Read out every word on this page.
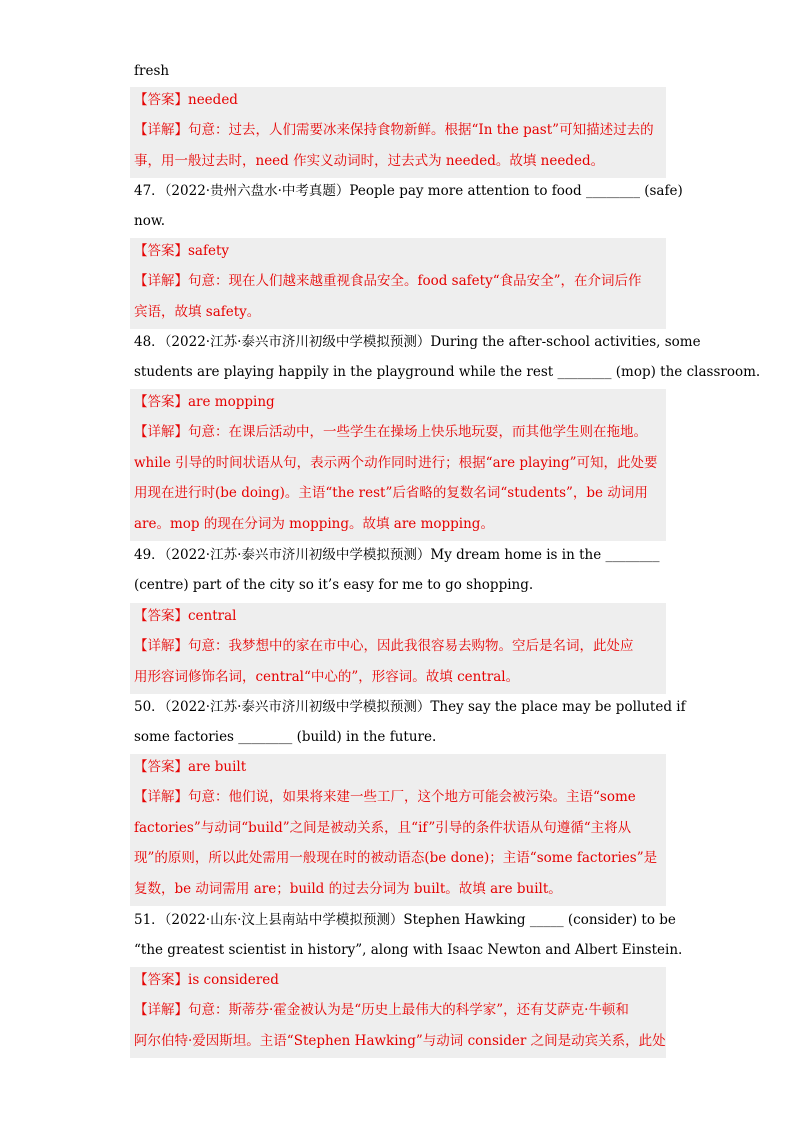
fresh
【答案】needed
【详解】句意：过去，人们需要冰来保持食物新鲜。根据“In the past”可知描述过去的
事，用一般过去时，need 作实义动词时，过去式为 needed。故填 needed。
47．（2022·贵州六盘水·中考真题）People pay more attention to food ________ (safe)
now.
【答案】safety
【详解】句意：现在人们越来越重视食品安全。food safety“食品安全”，在介词后作
宾语，故填 safety。
48．（2022·江苏·泰兴市济川初级中学模拟预测）During the after-school activities, some
students are playing happily in the playground while the rest ________ (mop) the classroom.
【答案】are mopping
【详解】句意：在课后活动中，一些学生在操场上快乐地玩耍，而其他学生则在拖地。
while 引导的时间状语从句，表示两个动作同时进行；根据“are playing”可知，此处要
用现在进行时(be doing)。主语“the rest”后省略的复数名词“students”，be 动词用
are。mop 的现在分词为 mopping。故填 are mopping。
49．（2022·江苏·泰兴市济川初级中学模拟预测）My dream home is in the ________
(centre) part of the city so it’s easy for me to go shopping.
【答案】central
【详解】句意：我梦想中的家在市中心，因此我很容易去购物。空后是名词，此处应
用形容词修饰名词，central“中心的”，形容词。故填 central。
50．（2022·江苏·泰兴市济川初级中学模拟预测）They say the place may be polluted if
some factories ________ (build) in the future.
【答案】are built
【详解】句意：他们说，如果将来建一些工厂，这个地方可能会被污染。主语“some
factories”与动词“build”之间是被动关系，且“if”引导的条件状语从句遵循“主将从
现”的原则，所以此处需用一般现在时的被动语态(be done)；主语“some factories”是
复数，be 动词需用 are；build 的过去分词为 built。故填 are built。
51．（2022·山东·汶上县南站中学模拟预测）Stephen Hawking _____ (consider) to be
“the greatest scientist in history”, along with Isaac Newton and Albert Einstein.
【答案】is considered
【详解】句意：斯蒂芬·霍金被认为是“历史上最伟大的科学家”，还有艾萨克·牛顿和
阿尔伯特·爱因斯坦。主语“Stephen Hawking”与动词 consider 之间是动宾关系，此处
